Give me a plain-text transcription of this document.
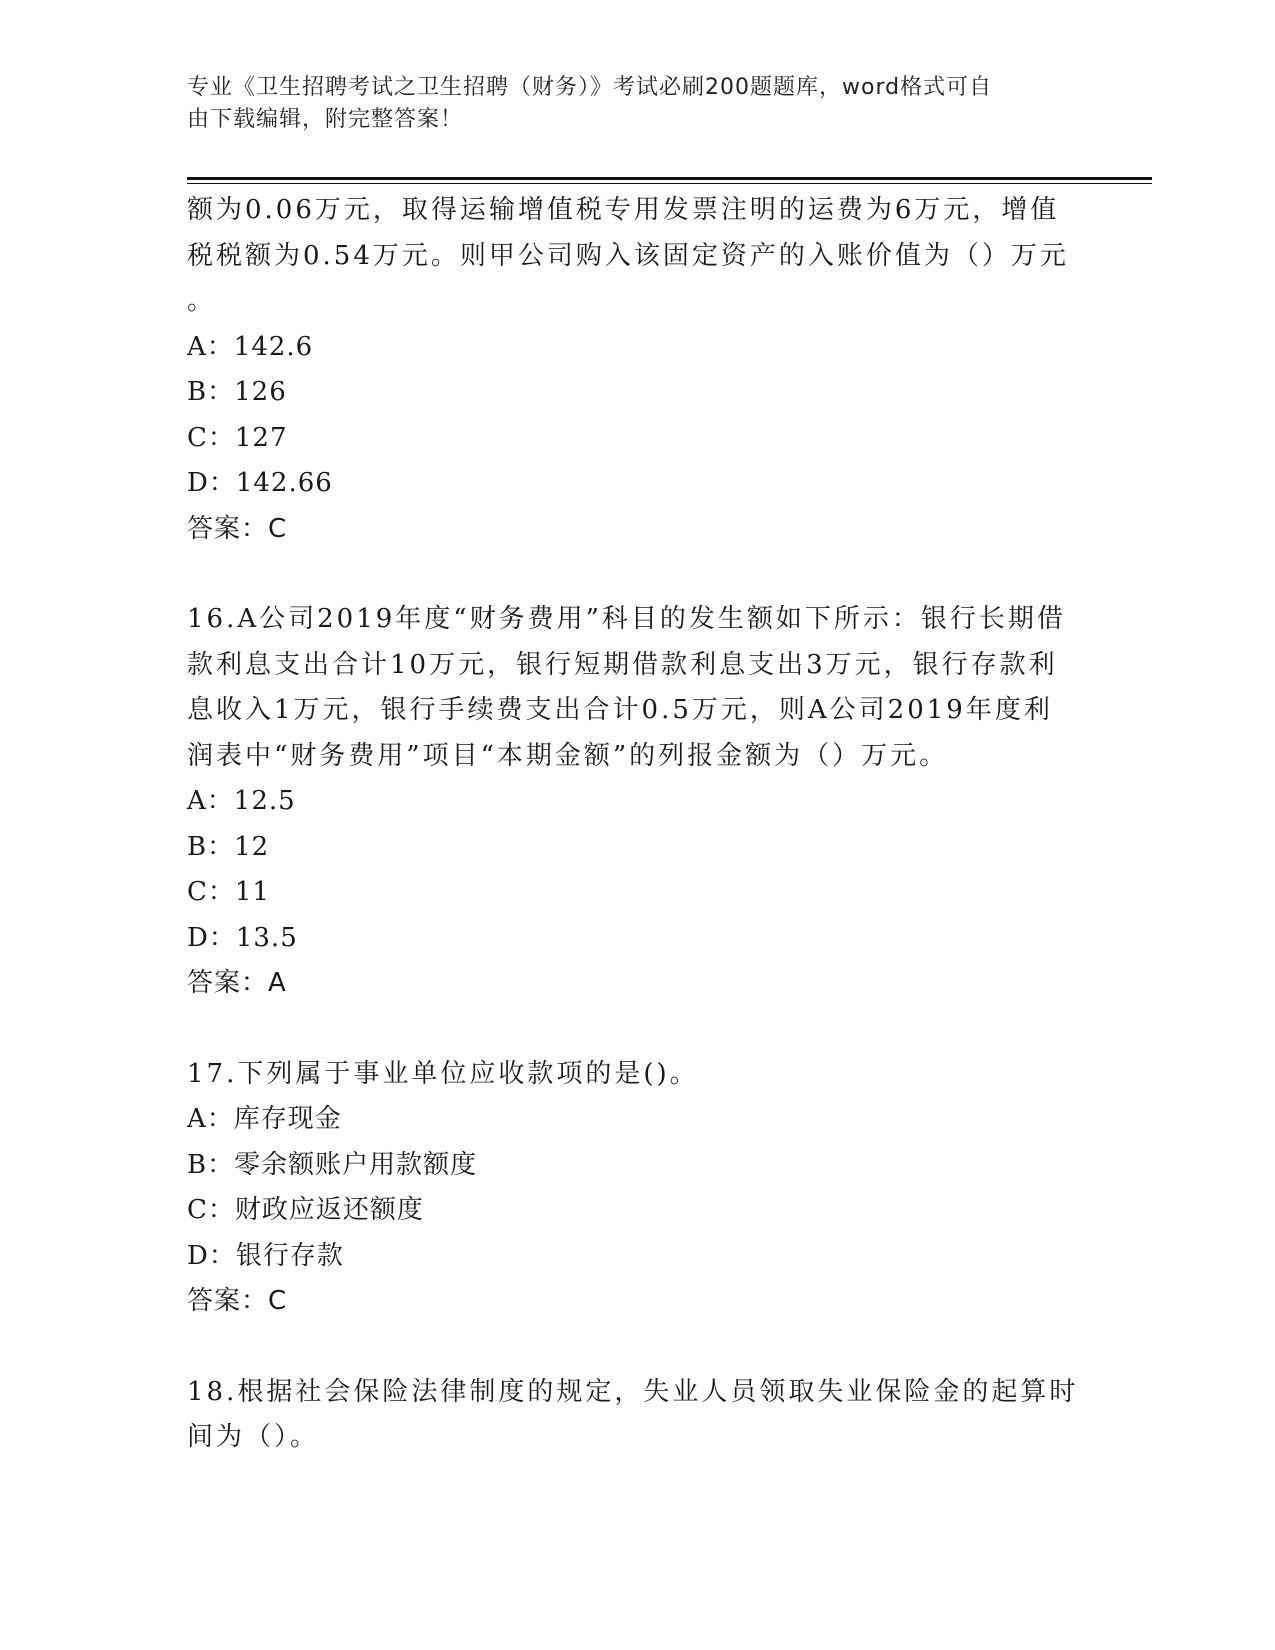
专业《卫生招聘考试之卫生招聘（财务）》考试必刷200题题库，word格式可自
由下载编辑，附完整答案！

额为0.06万元，取得运输增值税专用发票注明的运费为6万元，增值

税税额为0.54万元。则甲公司购入该固定资产的入账价值为（）万元

。

A：142.6

B：126

C：127

D：142.66

答案：C

16.A公司2019年度“财务费用”科目的发生额如下所示：银行长期借

款利息支出合计10万元，银行短期借款利息支出3万元，银行存款利

息收入1万元，银行手续费支出合计0.5万元，则A公司2019年度利

润表中“财务费用”项目“本期金额”的列报金额为（）万元。

A：12.5

B：12

C：11

D：13.5

答案：A

17.下列属于事业单位应收款项的是()。

A：库存现金

B：零余额账户用款额度

C：财政应返还额度

D：银行存款

答案：C

18.根据社会保险法律制度的规定，失业人员领取失业保险金的起算时

间为（）。
